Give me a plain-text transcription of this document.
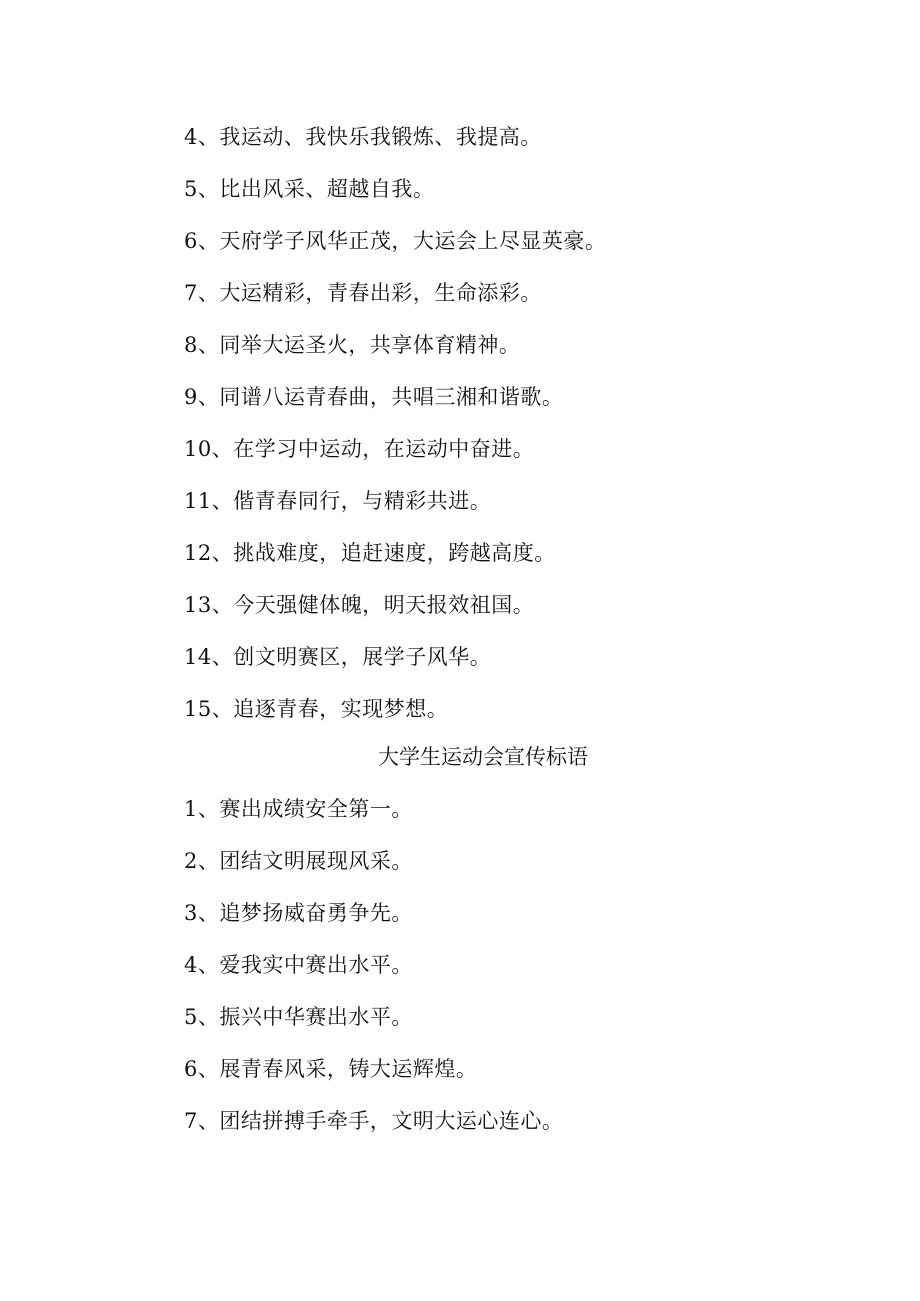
4、我运动、我快乐我锻炼、我提高。
5、比出风采、超越自我。
6、天府学子风华正茂，大运会上尽显英豪。
7、大运精彩，青春出彩，生命添彩。
8、同举大运圣火，共享体育精神。
9、同谱八运青春曲，共唱三湘和谐歌。
10、在学习中运动，在运动中奋进。
11、偕青春同行，与精彩共进。
12、挑战难度，追赶速度，跨越高度。
13、今天强健体魄，明天报效祖国。
14、创文明赛区，展学子风华。
15、追逐青春，实现梦想。
大学生运动会宣传标语
1、赛出成绩安全第一。
2、团结文明展现风采。
3、追梦扬威奋勇争先。
4、爱我实中赛出水平。
5、振兴中华赛出水平。
6、展青春风采，铸大运辉煌。
7、团结拼搏手牵手，文明大运心连心。
